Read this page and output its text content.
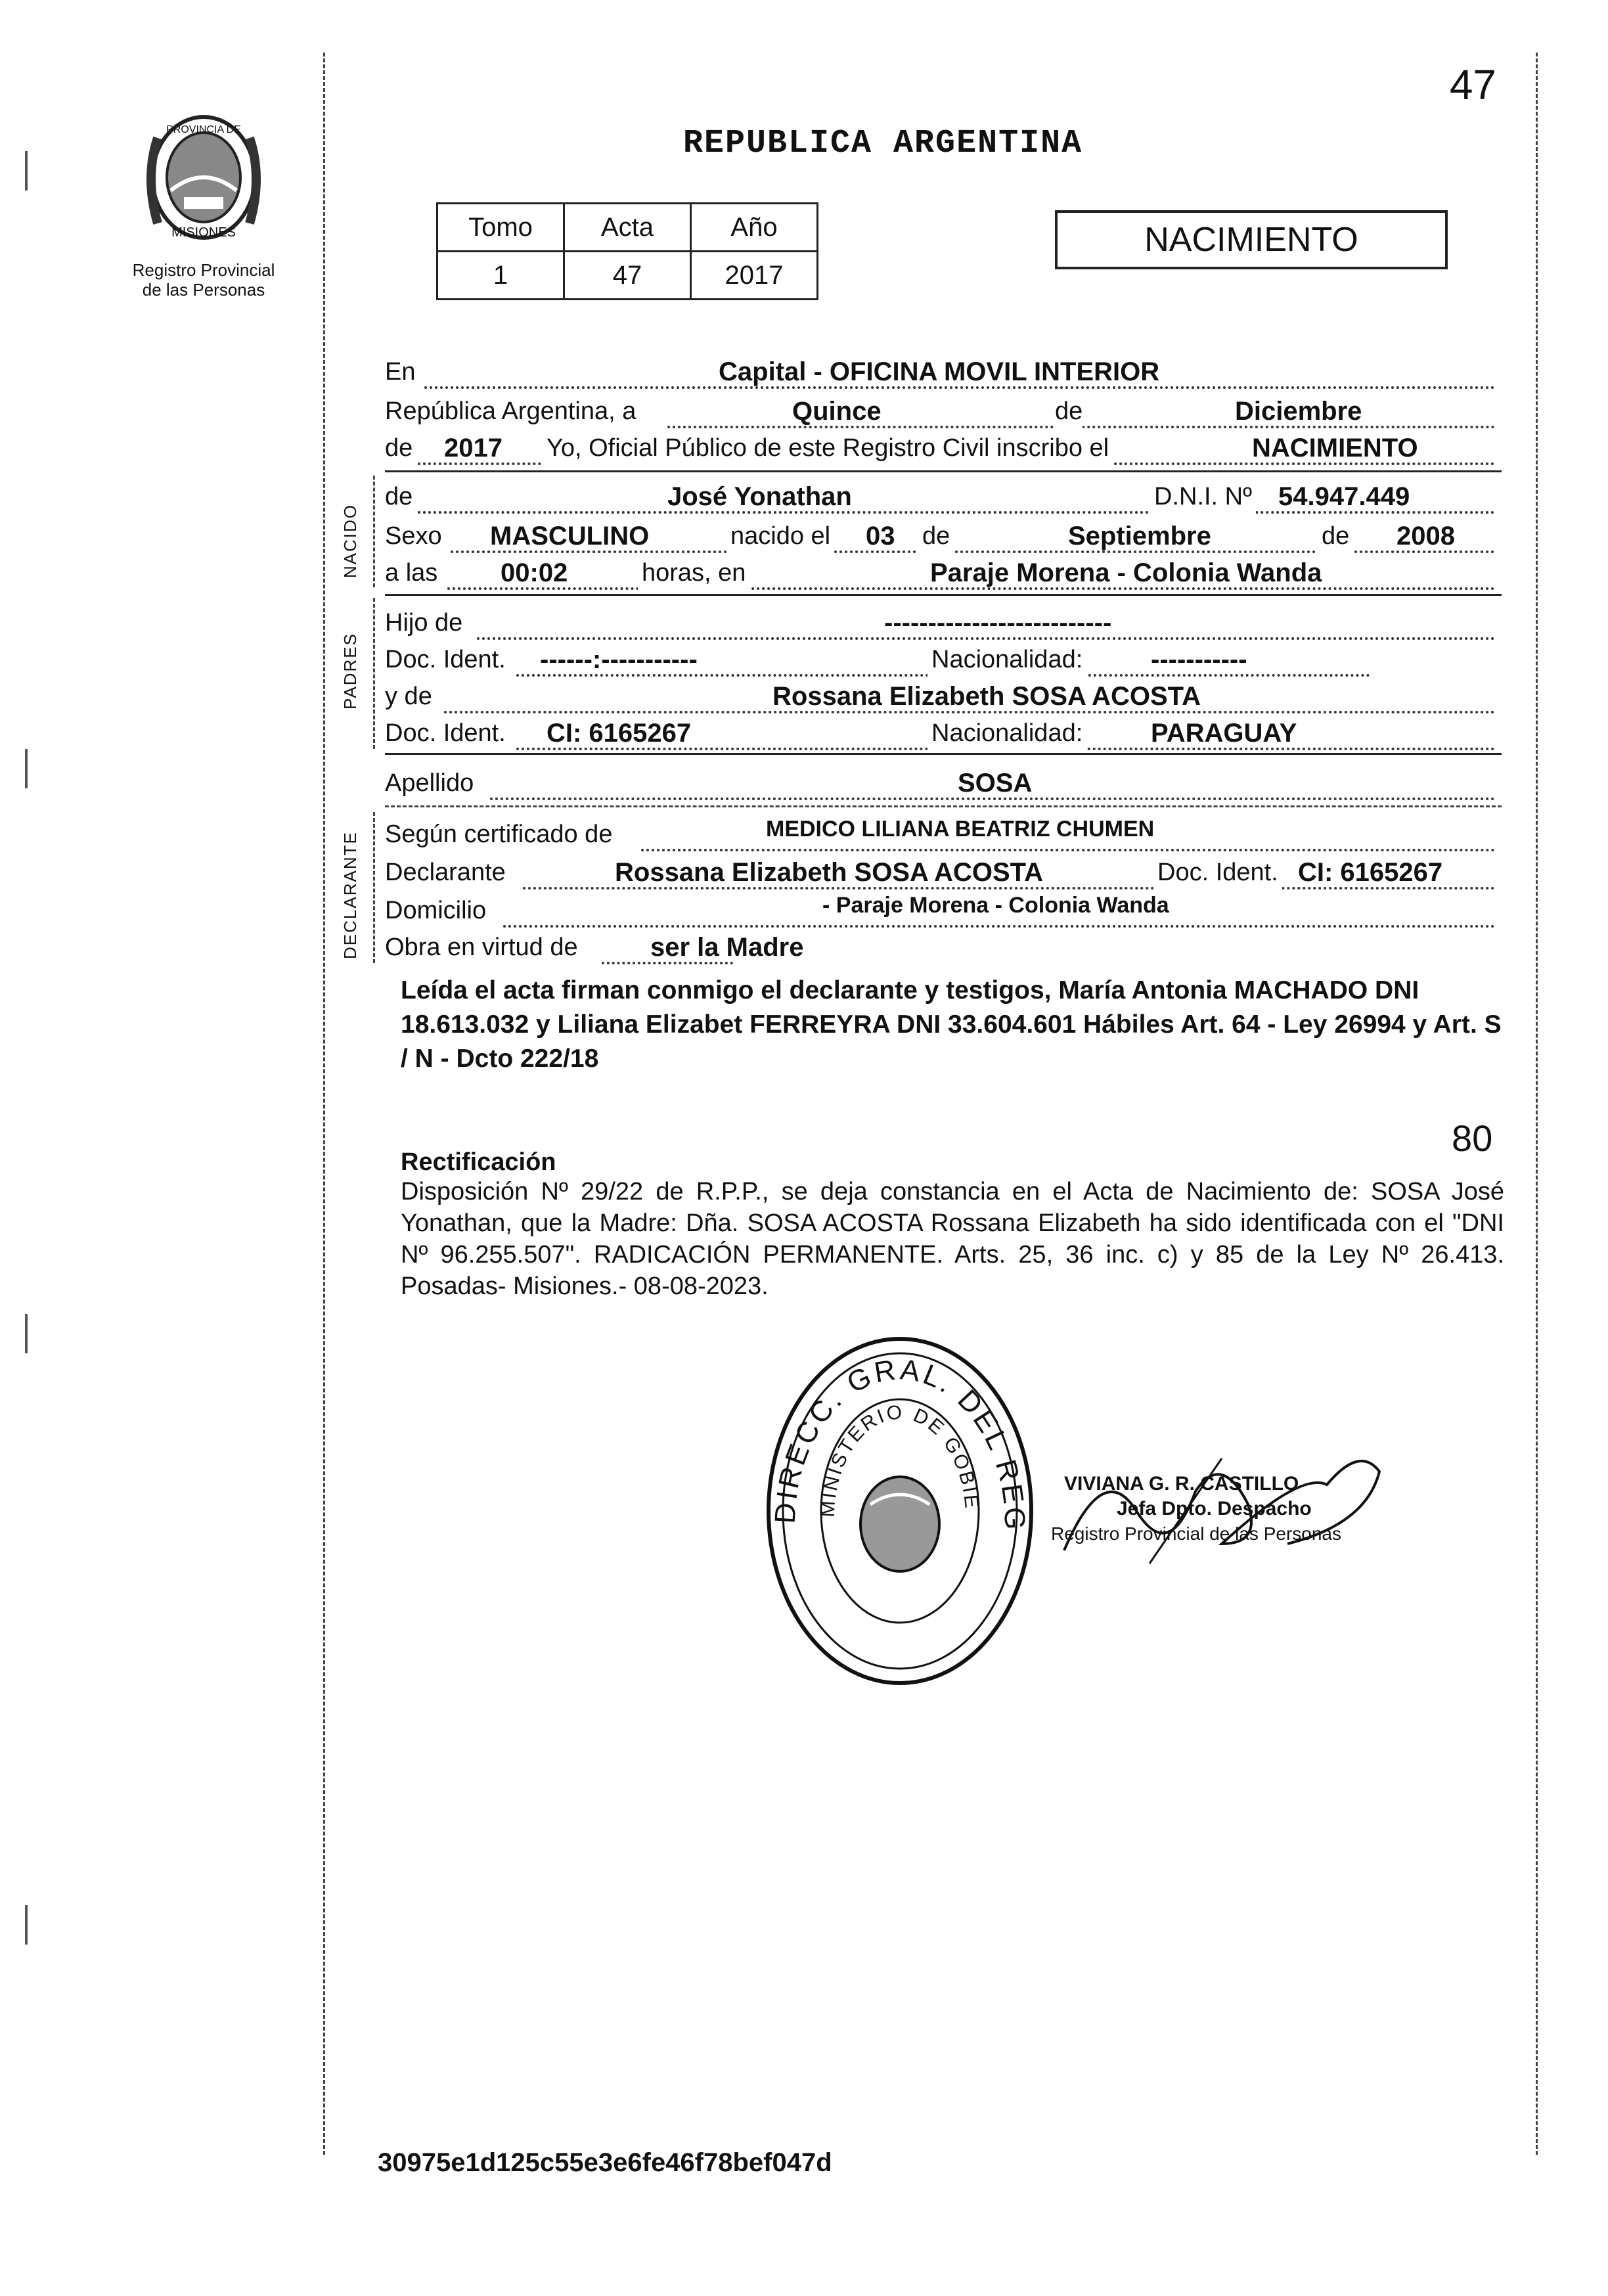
PROVINCIA DE
MISIONES
Registro Provincial
de las Personas
47
REPUBLICA ARGENTINA
Tomo	Acta	Año
1	47	2017
NACIMIENTO
En	Capital - OFICINA MOVIL INTERIOR
República Argentina, a	Quince	de	Diciembre
de 2017 Yo, Oficial Público de este Registro Civil inscribo el	NACIMIENTO
NACIDO
de	José Yonathan	D.N.I. Nº 54.947.449
Sexo MASCULINO	nacido el 03 de	Septiembre	de 2008
a las 00:02	horas, en	Paraje Morena - Colonia Wanda
PADRES
Hijo de	--------------------------
Doc. Ident. ------:-----------	Nacionalidad:	-----------
y de	Rossana Elizabeth SOSA ACOSTA
Doc. Ident. CI: 6165267	Nacionalidad:	PARAGUAY
Apellido	SOSA
DECLARANTE Según certificado de	MEDICO LILIANA BEATRIZ CHUMEN
Declarante	Rossana Elizabeth SOSA ACOSTA	Doc. Ident. CI: 6165267
Domicilio	- Paraje Morena - Colonia Wanda
Obra en virtud de	ser la Madre
Leída el acta firman conmigo el declarante y testigos, María Antonia MACHADO DNI 18.613.032 y Liliana Elizabet FERREYRA DNI 33.604.601 Hábiles Art. 64 - Ley 26994 y Art. S / N - Dcto 222/18
80
Rectificación
Disposición Nº 29/22 de R.P.P., se deja constancia en el Acta de Nacimiento de: SOSA José Yonathan, que la Madre: Dña. SOSA ACOSTA Rossana Elizabeth ha sido identificada con el "DNI Nº 96.255.507". RADICACIÓN PERMANENTE. Arts. 25, 36 inc. c) y 85 de la Ley Nº 26.413. Posadas- Misiones.- 08-08-2023.
DIRECC. GRAL. DEL REG
MINISTERIO DE GOBIE
VIVIANA G. R. CASTILLO
Jefa Dpto. Despacho
Registro Provincial de las Personas
30975e1d125c55e3e6fe46f78bef047d
